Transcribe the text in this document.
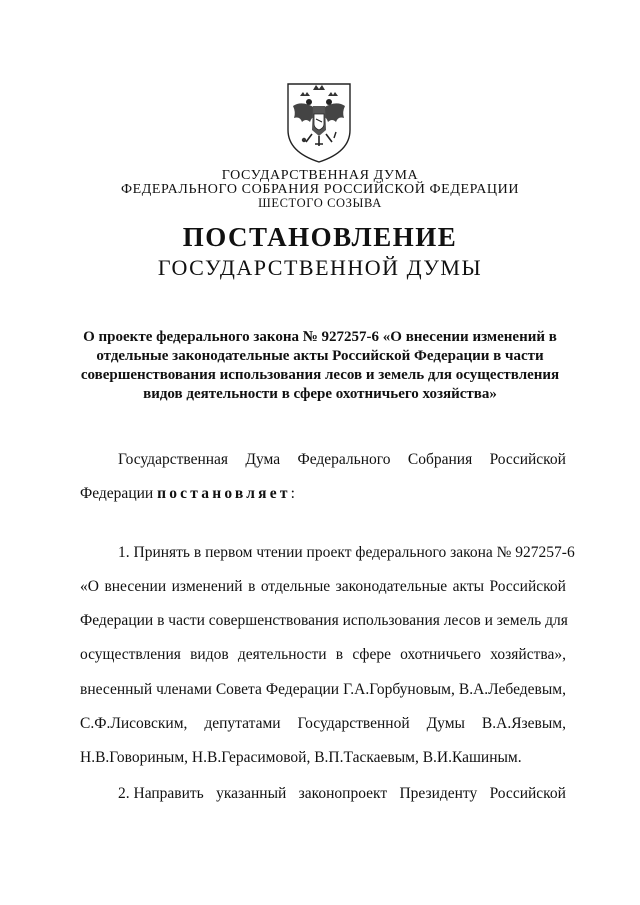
ГОСУДАРСТВЕННАЯ ДУМА
ФЕДЕРАЛЬНОГО СОБРАНИЯ РОССИЙСКОЙ ФЕДЕРАЦИИ
ШЕСТОГО СОЗЫВА
ПОСТАНОВЛЕНИЕ
ГОСУДАРСТВЕННОЙ ДУМЫ
О проекте федерального закона № 927257-6 «О внесении изменений в
отдельные законодательные акты Российской Федерации в части
совершенствования использования лесов и земель для осуществления
видов деятельности в сфере охотничьего хозяйства»
Государственная Дума Федерального Собрания Российской
Федерации постановляет:
1. Принять в первом чтении проект федерального закона № 927257-6
«О внесении изменений в отдельные законодательные акты Российской
Федерации в части совершенствования использования лесов и земель для
осуществления видов деятельности в сфере охотничьего хозяйства»,
внесенный членами Совета Федерации Г.А.Горбуновым, В.А.Лебедевым,
С.Ф.Лисовским, депутатами Государственной Думы В.А.Язевым,
Н.В.Говориным, Н.В.Герасимовой, В.П.Таскаевым, В.И.Кашиным.
2. Направить указанный законопроект Президенту Российской
